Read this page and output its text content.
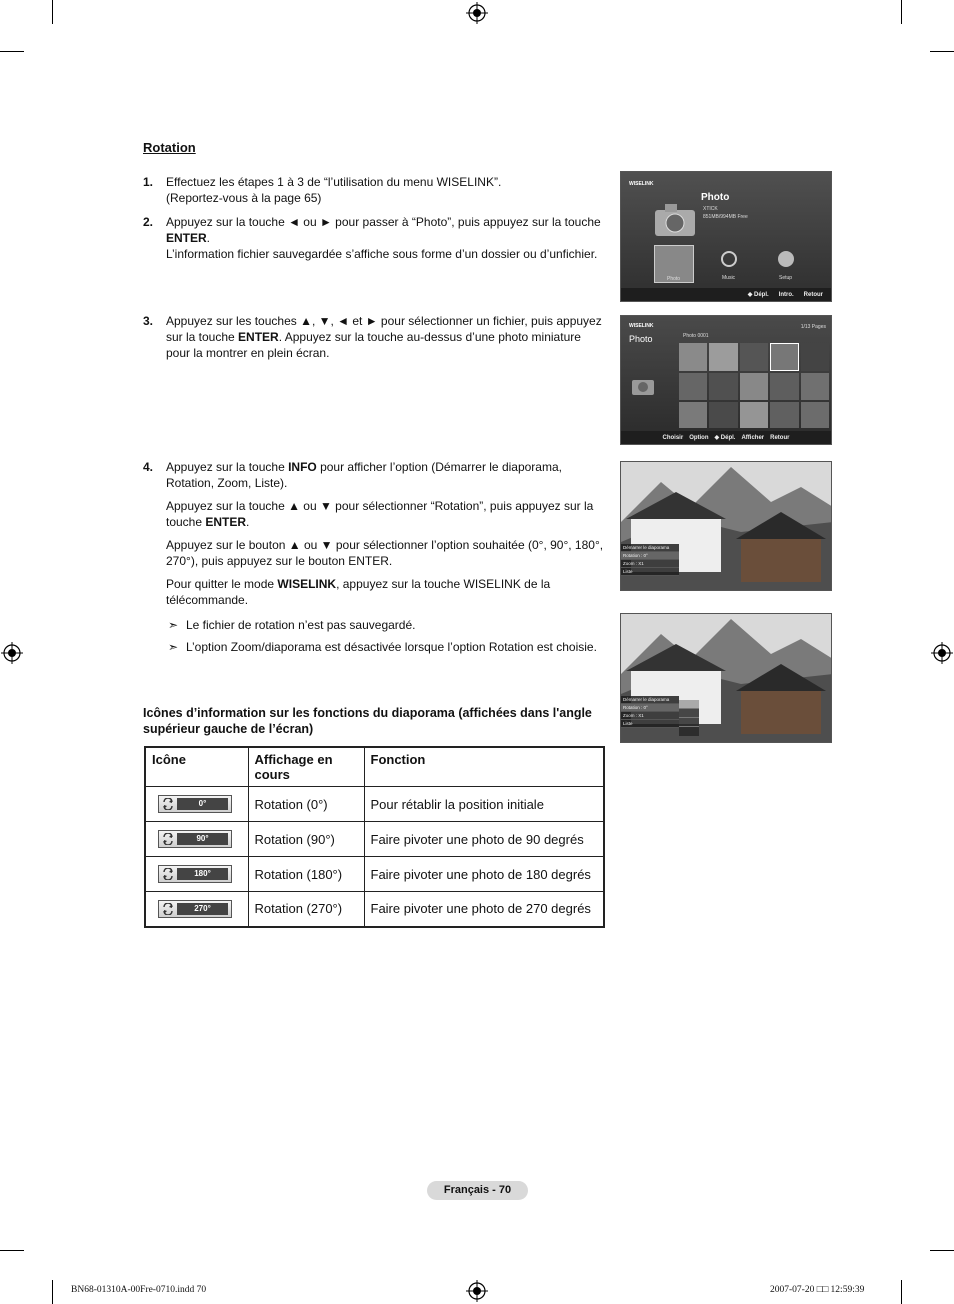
Rotation
1. Effectuez les étapes 1 à 3 de “l’utilisation du menu WISELINK”.
(Reportez-vous à la page 65)
2. Appuyez sur la touche ◄ ou ► pour passer à “Photo”, puis appuyez sur la touche ENTER.
L’information fichier sauvegardée s’affiche sous forme d’un dossier ou d’unfichier.
3. Appuyez sur les touches ▲, ▼, ◄ et ► pour sélectionner un fichier, puis appuyez sur la touche ENTER. Appuyez sur la touche au-dessus d’une photo miniature pour la montrer en plein écran.
4. Appuyez sur la touche INFO pour afficher l’option (Démarrer le diaporama, Rotation, Zoom, Liste).

Appuyez sur la touche ▲ ou ▼ pour sélectionner “Rotation”, puis appuyez sur la touche ENTER.

Appuyez sur le bouton ▲ ou ▼ pour sélectionner l’option souhaitée (0°, 90°, 180°, 270°), puis appuyez sur le bouton ENTER.

Pour quitter le mode WISELINK, appuyez sur la touche WISELINK de la télécommande.

➣ Le fichier de rotation n’est pas sauvegardé.
➣ L’option Zoom/diaporama est désactivée lorsque l’option Rotation est choisie.
Icônes d’information sur les fonctions du diaporama (affichées dans l'angle supérieur gauche de l’écran)
Icône	Affichage en cours	Fonction

0°	Rotation (0°)	Pour rétablir la position initiale

90°	Rotation (90°)	Faire pivoter une photo de 90 degrés

180°	Rotation (180°)	Faire pivoter une photo de 180 degrés

270°	Rotation (270°)	Faire pivoter une photo de 270 degrés
WISELINK
Photo
XTICK
851MB/994MB Free
Photo	Music	Setup
◆ Dépl. Intro. Retour
WISELINK	1/13 Pages
Photo	Photo 0001
Choisir Option ◆ Dépl. Afficher Retour
Démarrer le diaporama
Rotation : 0°
Zoom : X1
Liste
Démarrer le diaporama
Rotation : 0°
Zoom : X1
Liste
Français - 70
BN68-01310A-00Fre-0710.indd 70	2007-07-20 □□ 12:59:39
